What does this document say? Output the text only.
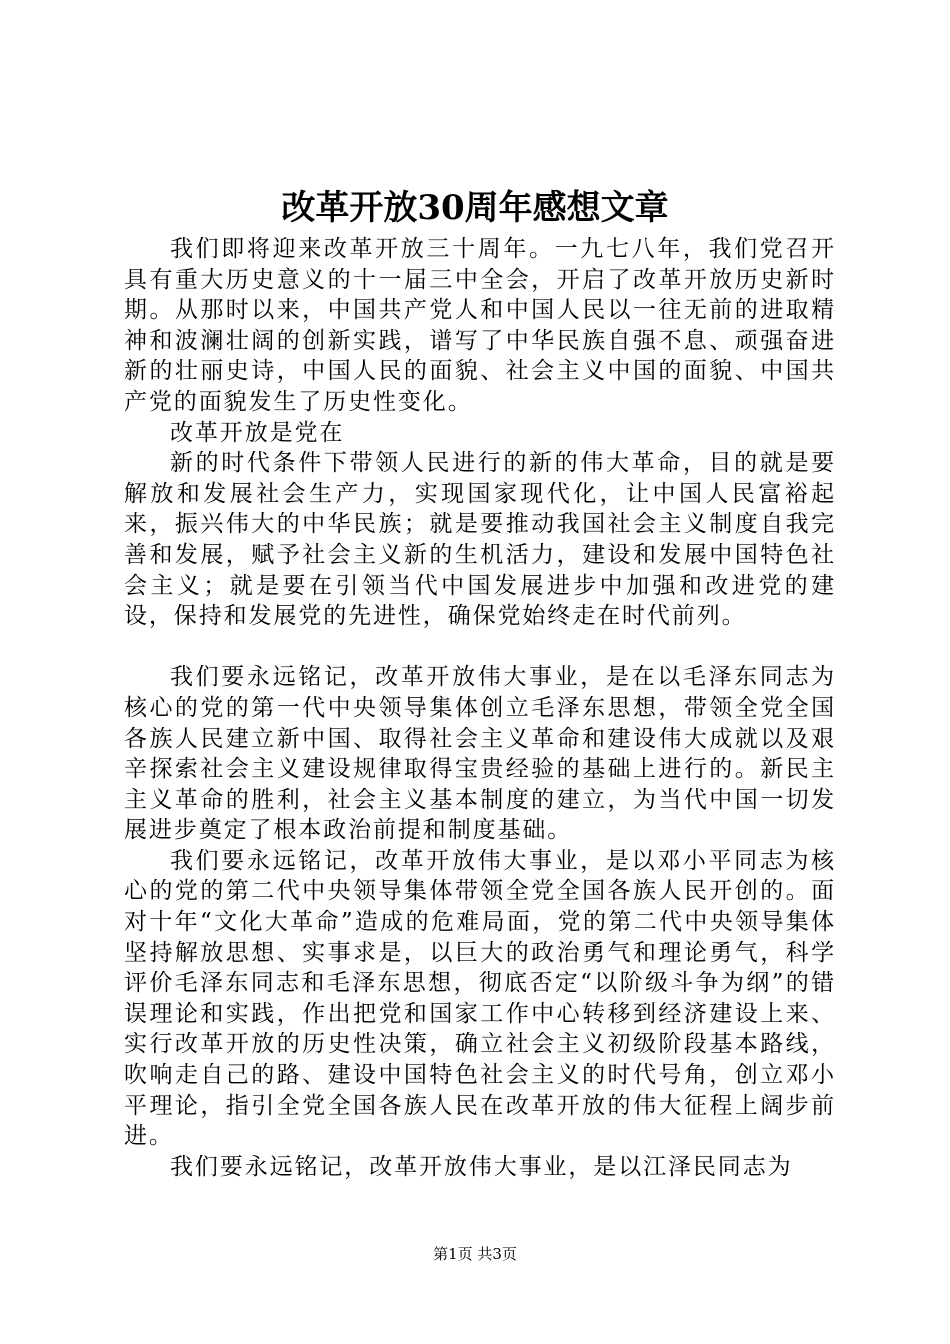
改革开放30周年感想文章

我们即将迎来改革开放三十周年。一九七八年，我们党召开具有重大历史意义的十一届三中全会，开启了改革开放历史新时期。从那时以来，中国共产党人和中国人民以一往无前的进取精神和波澜壮阔的创新实践，谱写了中华民族自强不息、顽强奋进新的壮丽史诗，中国人民的面貌、社会主义中国的面貌、中国共产党的面貌发生了历史性变化。

改革开放是党在

新的时代条件下带领人民进行的新的伟大革命，目的就是要解放和发展社会生产力，实现国家现代化，让中国人民富裕起来，振兴伟大的中华民族；就是要推动我国社会主义制度自我完善和发展，赋予社会主义新的生机活力，建设和发展中国特色社会主义；就是要在引领当代中国发展进步中加强和改进党的建设，保持和发展党的先进性，确保党始终走在时代前列。

我们要永远铭记，改革开放伟大事业，是在以毛泽东同志为核心的党的第一代中央领导集体创立毛泽东思想，带领全党全国各族人民建立新中国、取得社会主义革命和建设伟大成就以及艰辛探索社会主义建设规律取得宝贵经验的基础上进行的。新民主主义革命的胜利，社会主义基本制度的建立，为当代中国一切发展进步奠定了根本政治前提和制度基础。

我们要永远铭记，改革开放伟大事业，是以邓小平同志为核心的党的第二代中央领导集体带领全党全国各族人民开创的。面对十年“文化大革命”造成的危难局面，党的第二代中央领导集体坚持解放思想、实事求是，以巨大的政治勇气和理论勇气，科学评价毛泽东同志和毛泽东思想，彻底否定“以阶级斗争为纲”的错误理论和实践，作出把党和国家工作中心转移到经济建设上来、实行改革开放的历史性决策，确立社会主义初级阶段基本路线，吹响走自己的路、建设中国特色社会主义的时代号角，创立邓小平理论，指引全党全国各族人民在改革开放的伟大征程上阔步前进。

我们要永远铭记，改革开放伟大事业，是以江泽民同志为

第1页 共3页
